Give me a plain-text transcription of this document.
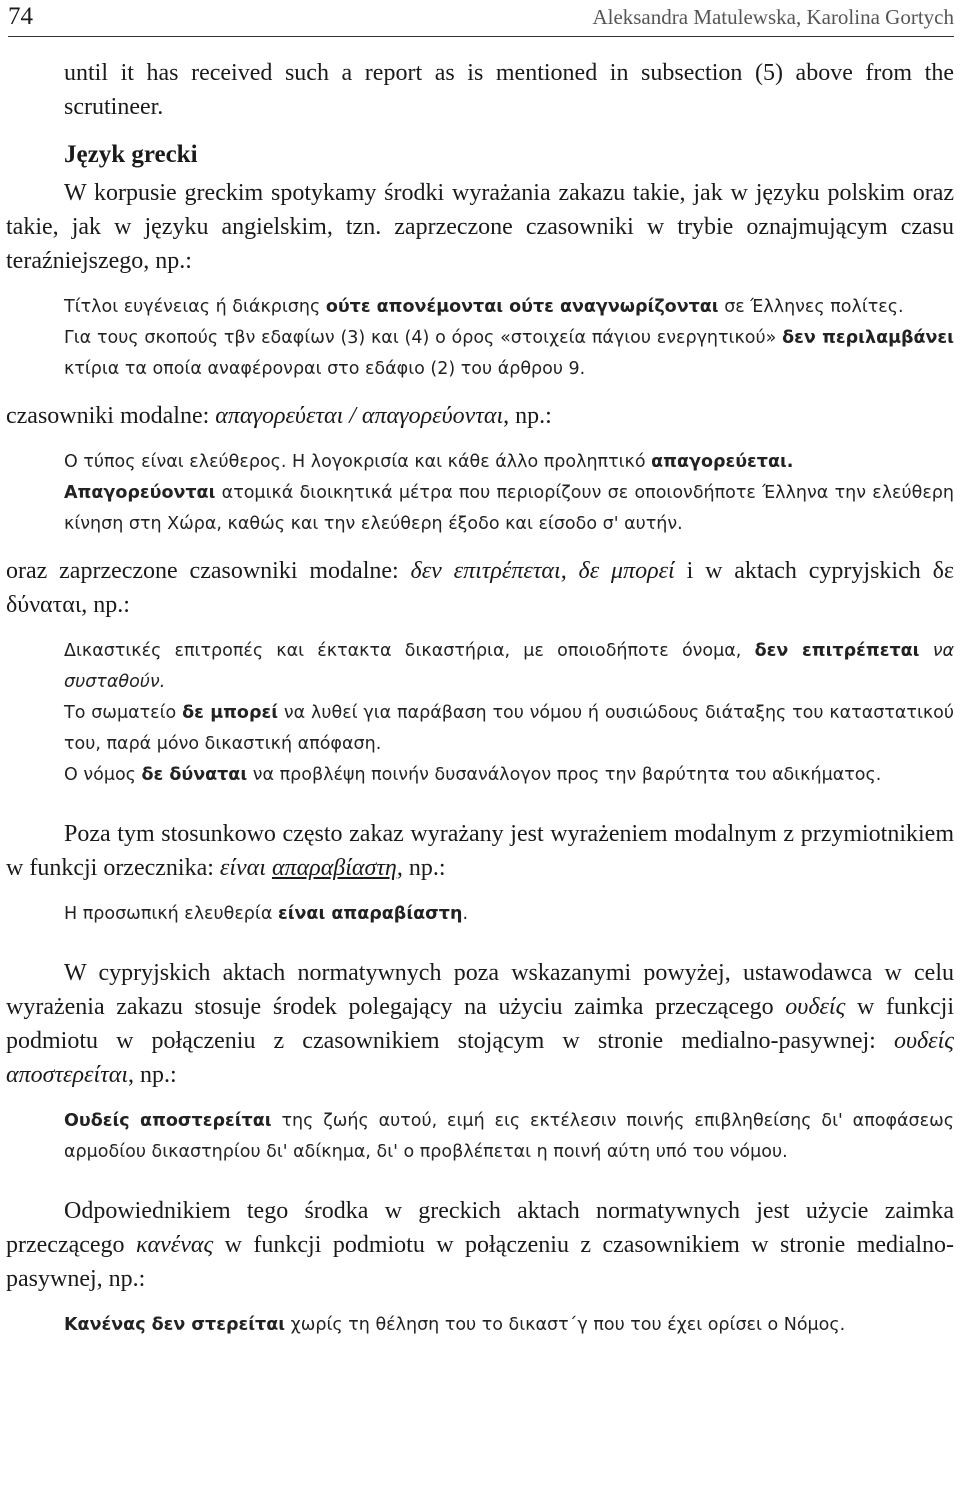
74	Aleksandra Matulewska, Karolina Gortych

until it has received such a report as is mentioned in subsection (5) above from the scrutineer.

Język grecki

W korpusie greckim spotykamy środki wyrażania zakazu takie, jak w języku polskim oraz takie, jak w języku angielskim, tzn. zaprzeczone czasowniki w trybie oznajmującym czasu teraźniejszego, np.:

Τίτλοι ευγένειας ή διάκρισης ούτε απονέμονται ούτε αναγνωρίζονται σε Έλληνες πολίτες.

Για τους σκοπούς τβν εδαφίων (3) και (4) ο όρος «στοιχεία πάγιου ενεργητικού» δεν περιλαμβάνει κτίρια τα οποία αναφέρονραι στο εδάφιο (2) του άρθρου 9.

czasowniki modalne: απαγορεύεται / απαγορεύονται, np.:

Ο τύπος είναι ελεύθερος. Η λογοκρισία και κάθε άλλο προληπτικό απαγορεύεται.

Απαγορεύονται ατομικά διοικητικά μέτρα που περιορίζουν σε οποιονδήποτε Έλληνα την ελεύθερη κίνηση στη Χώρα, καθώς και την ελεύθερη έξοδο και είσοδο σ' αυτήν.

oraz zaprzeczone czasowniki modalne: δεν επιτρέπεται, δε μπορεί i w aktach cypryjskich δε δύναται, np.:

Δικαστικές επιτροπές και έκτακτα δικαστήρια, με οποιοδήποτε όνομα, δεν επιτρέπεται να συσταθούν.

Το σωματείο δε μπορεί να λυθεί για παράβαση του νόμου ή ουσιώδους διάταξης του καταστατικού του, παρά μόνο δικαστική απόφαση.

Ο νόμος δε δύναται να προβλέψη ποινήν δυσανάλογον προς την βαρύτητα του αδικήματος.

Poza tym stosunkowo często zakaz wyrażany jest wyrażeniem modalnym z przymiotnikiem w funkcji orzecznika: είναι απαραβίαστη, np.:

Η προσωπική ελευθερία είναι απαραβίαστη.

W cypryjskich aktach normatywnych poza wskazanymi powyżej, ustawodawca w celu wyrażenia zakazu stosuje środek polegający na użyciu zaimka przeczącego ουδείς w funkcji podmiotu w połączeniu z czasownikiem stojącym w stronie medialno-pasywnej: ουδείς αποστερείται, np.:

Ουδείς αποστερείται της ζωής αυτού, ειμή εις εκτέλεσιν ποινής επιβληθείσης δι' αποφάσεως αρμοδίου δικαστηρίου δι' αδίκημα, δι' ο προβλέπεται η ποινή αύτη υπό του νόμου.

Odpowiednikiem tego środka w greckich aktach normatywnych jest użycie zaimka przeczącego κανένας w funkcji podmiotu w połączeniu z czasownikiem w stronie medialno-pasywnej, np.:

Κανένας δεν στερείται χωρίς τη θέληση του το δικαστ΄γ που του έχει ορίσει ο Νόμος.
